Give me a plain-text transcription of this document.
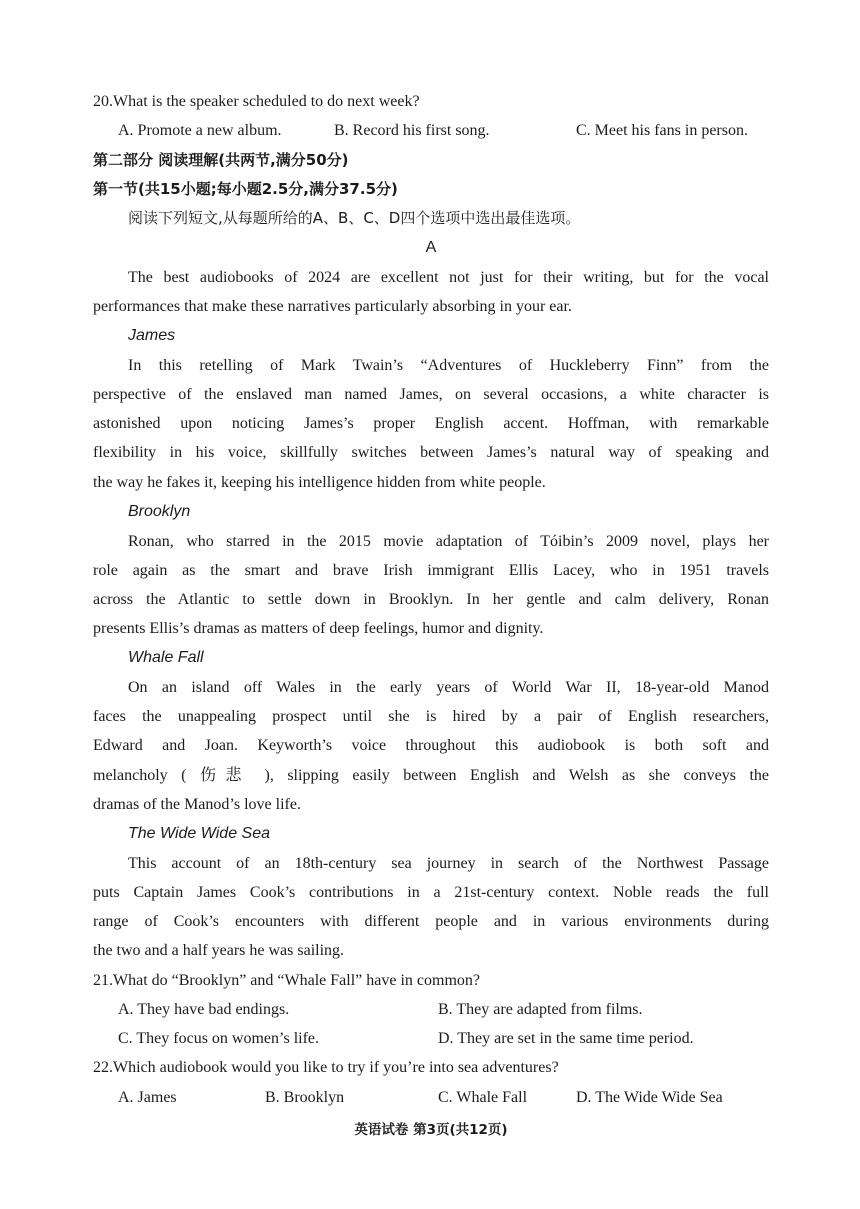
20.What is the speaker scheduled to do next week?
A. Promote a new album.	B. Record his first song.	C. Meet his fans in person.
第二部分 阅读理解(共两节,满分50分)
第一节(共15小题;每小题2.5分,满分37.5分)
阅读下列短文,从每题所给的A、B、C、D四个选项中选出最佳选项。
A
The best audiobooks of 2024 are excellent not just for their writing, but for the vocal
performances that make these narratives particularly absorbing in your ear.
James
In this retelling of Mark Twain’s “Adventures of Huckleberry Finn” from the
perspective of the enslaved man named James, on several occasions, a white character is
astonished upon noticing James’s proper English accent. Hoffman, with remarkable
flexibility in his voice, skillfully switches between James’s natural way of speaking and
the way he fakes it, keeping his intelligence hidden from white people.
Brooklyn
Ronan, who starred in the 2015 movie adaptation of Tóibin’s 2009 novel, plays her
role again as the smart and brave Irish immigrant Ellis Lacey, who in 1951 travels
across the Atlantic to settle down in Brooklyn. In her gentle and calm delivery, Ronan
presents Ellis’s dramas as matters of deep feelings, humor and dignity.
Whale Fall
On an island off Wales in the early years of World War II, 18-year-old Manod
faces the unappealing prospect until she is hired by a pair of English researchers,
Edward and Joan. Keyworth’s voice throughout this audiobook is both soft and
melancholy ( 伤悲 ), slipping easily between English and Welsh as she conveys the
dramas of the Manod’s love life.
The Wide Wide Sea
This account of an 18th-century sea journey in search of the Northwest Passage
puts Captain James Cook’s contributions in a 21st-century context. Noble reads the full
range of Cook’s encounters with different people and in various environments during
the two and a half years he was sailing.
21.What do “Brooklyn” and “Whale Fall” have in common?
A. They have bad endings.	B. They are adapted from films.
C. They focus on women’s life.	D. They are set in the same time period.
22.Which audiobook would you like to try if you’re into sea adventures?
A. James	B. Brooklyn	C. Whale Fall	D. The Wide Wide Sea
英语试卷 第3页(共12页)
